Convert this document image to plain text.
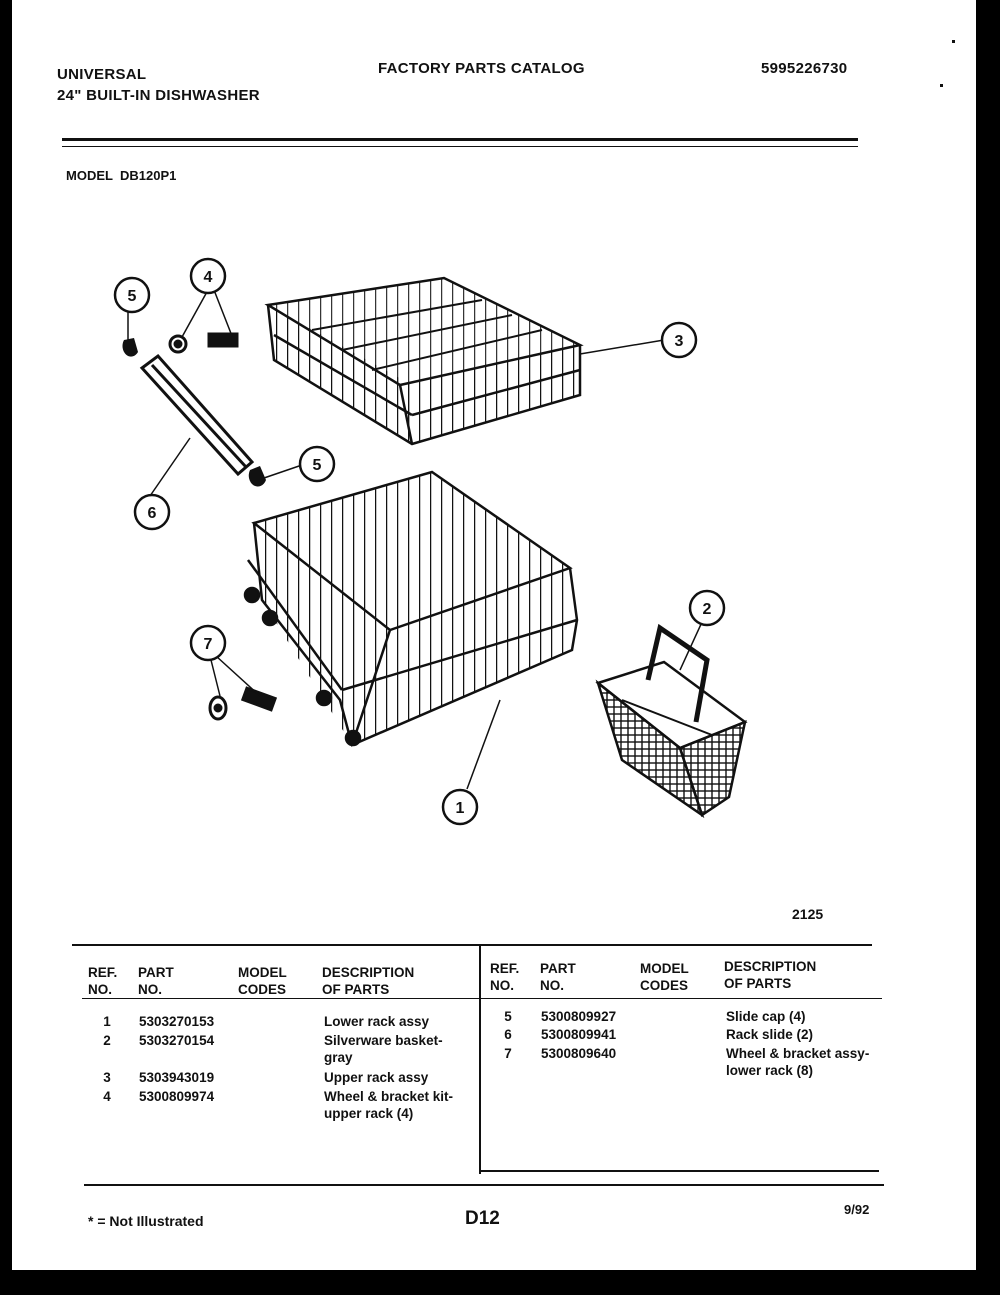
UNIVERSAL
24" BUILT-IN DISHWASHER
FACTORY PARTS CATALOG	5995226730
MODEL DB120P1
1
2
3
4
5
5
6
7
2125
REF. NO.
PART NO.
MODEL CODES
DESCRIPTION OF PARTS
REF. NO.
PART NO.
MODEL CODES
DESCRIPTION OF PARTS
1	5303270153	Lower rack assy
2	5303270154	Silverware basket-gray
3	5303943019	Upper rack assy
4	5300809974	Wheel & bracket kit-upper rack (4)
5	5300809927	Slide cap (4)
6	5300809941	Rack slide (2)
7	5300809640	Wheel & bracket assy-lower rack (8)
* = Not Illustrated	D12	9/92
